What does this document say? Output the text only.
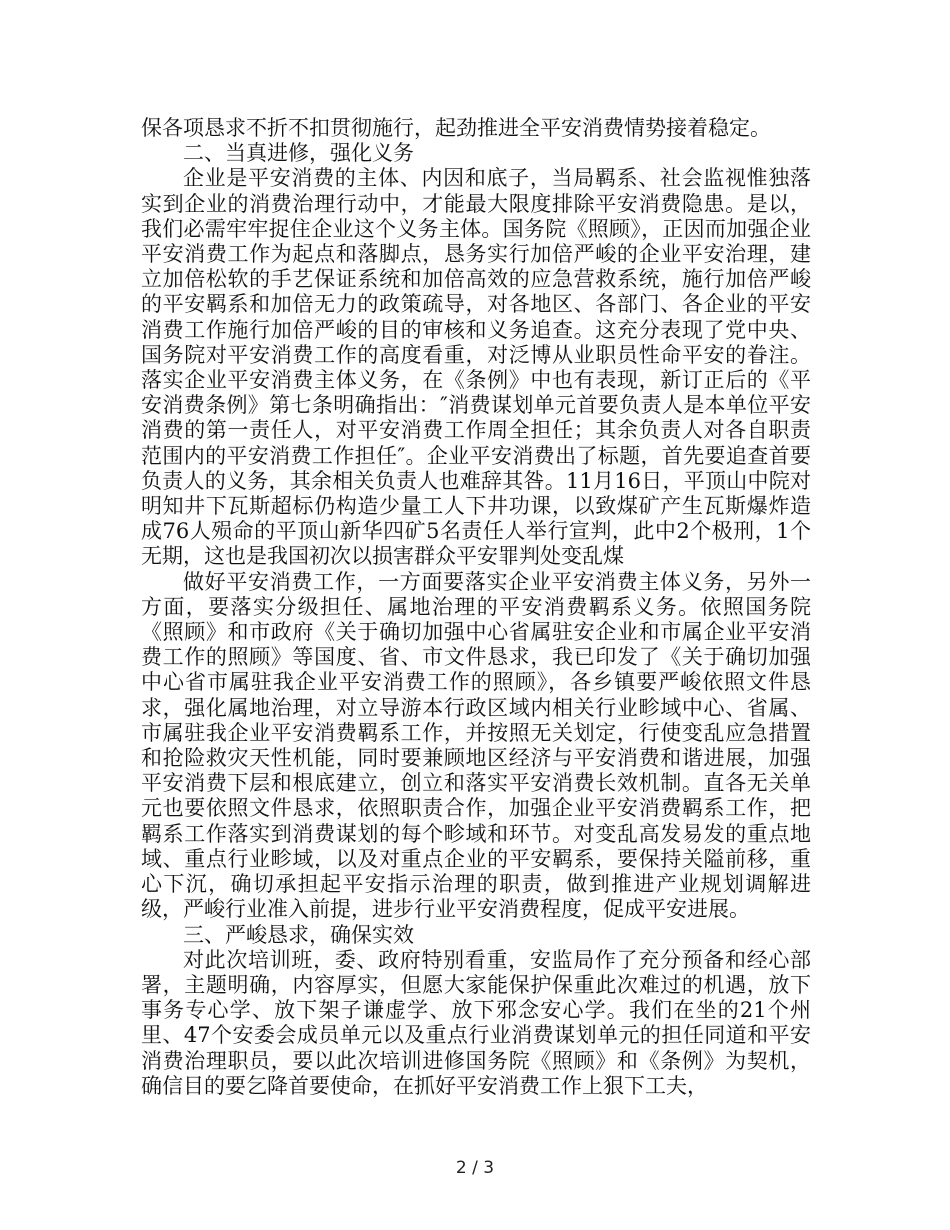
保各项恳求不折不扣贯彻施行，起劲推进全平安消费情势接着稳定。

二、当真进修，强化义务

企业是平安消费的主体、内因和底子，当局羁系、社会监视惟独落实到企业的消费治理行动中，才能最大限度排除平安消费隐患。是以，我们必需牢牢捉住企业这个义务主体。国务院《照顾》，正因而加强企业平安消费工作为起点和落脚点，恳务实行加倍严峻的企业平安治理，建立加倍松软的手艺保证系统和加倍高效的应急营救系统，施行加倍严峻的平安羁系和加倍无力的政策疏导，对各地区、各部门、各企业的平安消费工作施行加倍严峻的目的审核和义务追查。这充分表现了党中央、国务院对平安消费工作的高度看重，对泛博从业职员性命平安的眷注。落实企业平安消费主体义务，在《条例》中也有表现，新订正后的《平安消费条例》第七条明确指出：″消费谋划单元首要负责人是本单位平安消费的第一责任人，对平安消费工作周全担任；其余负责人对各自职责范围内的平安消费工作担任″。企业平安消费出了标题，首先要追查首要负责人的义务，其余相关负责人也难辞其咎。11月16日，平顶山中院对明知井下瓦斯超标仍构造少量工人下井功课，以致煤矿产生瓦斯爆炸造成76人殒命的平顶山新华四矿5名责任人举行宣判，此中2个极刑，1个无期，这也是我国初次以损害群众平安罪判处变乱煤

做好平安消费工作，一方面要落实企业平安消费主体义务，另外一方面，要落实分级担任、属地治理的平安消费羁系义务。依照国务院《照顾》和市政府《关于确切加强中心省属驻安企业和市属企业平安消费工作的照顾》等国度、省、市文件恳求，我已印发了《关于确切加强中心省市属驻我企业平安消费工作的照顾》，各乡镇要严峻依照文件恳求，强化属地治理，对立导游本行政区域内相关行业畛域中心、省属、市属驻我企业平安消费羁系工作，并按照无关划定，行使变乱应急措置和抢险救灾天性机能，同时要兼顾地区经济与平安消费和谐进展，加强平安消费下层和根底建立，创立和落实平安消费长效机制。直各无关单元也要依照文件恳求，依照职责合作，加强企业平安消费羁系工作，把羁系工作落实到消费谋划的每个畛域和环节。对变乱高发易发的重点地域、重点行业畛域，以及对重点企业的平安羁系，要保持关隘前移，重心下沉，确切承担起平安指示治理的职责，做到推进产业规划调解进级，严峻行业准入前提，进步行业平安消费程度，促成平安进展。

三、严峻恳求，确保实效

对此次培训班，委、政府特别看重，安监局作了充分预备和经心部署，主题明确，内容厚实，但愿大家能保护保重此次难过的机遇，放下事务专心学、放下架子谦虚学、放下邪念安心学。我们在坐的21个州里、47个安委会成员单元以及重点行业消费谋划单元的担任同道和平安消费治理职员，要以此次培训进修国务院《照顾》和《条例》为契机，确信目的要乞降首要使命，在抓好平安消费工作上狠下工夫，

2 / 3
